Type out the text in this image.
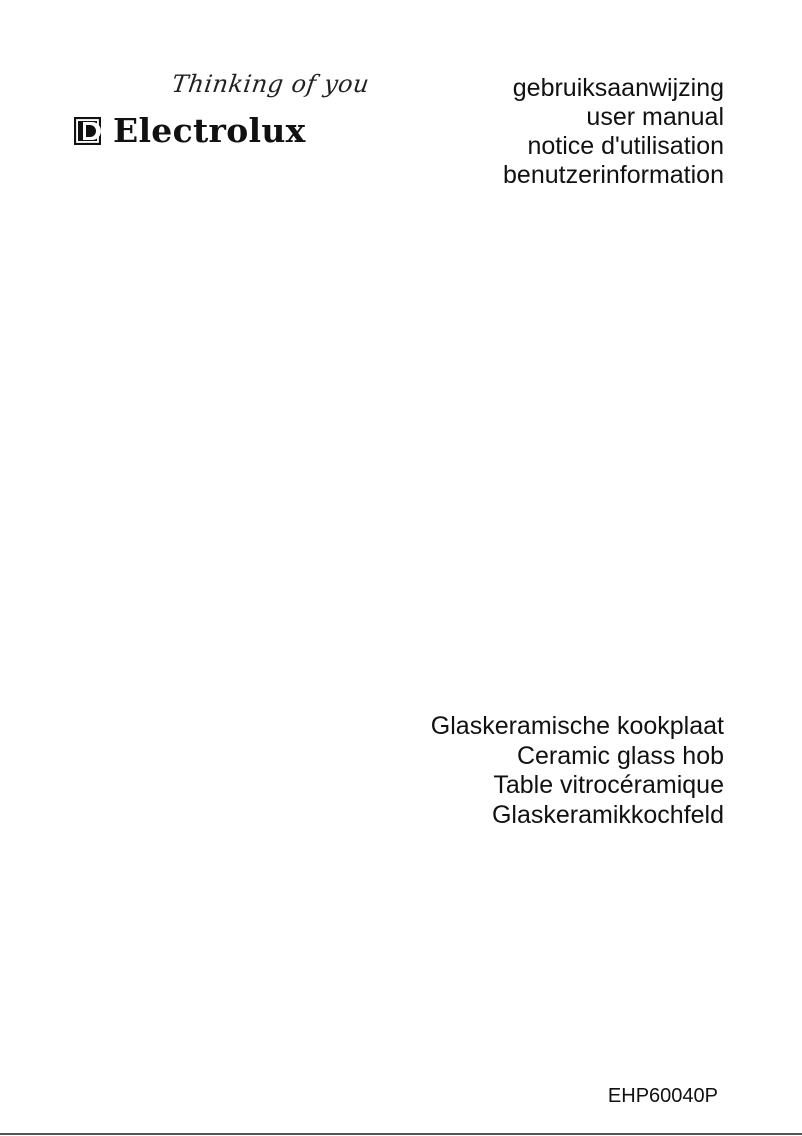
Thinking of you
Electrolux
gebruiksaanwijzing
user manual
notice d'utilisation
benutzerinformation
Glaskeramische kookplaat
Ceramic glass hob
Table vitrocéramique
Glaskeramikkochfeld
EHP60040P
